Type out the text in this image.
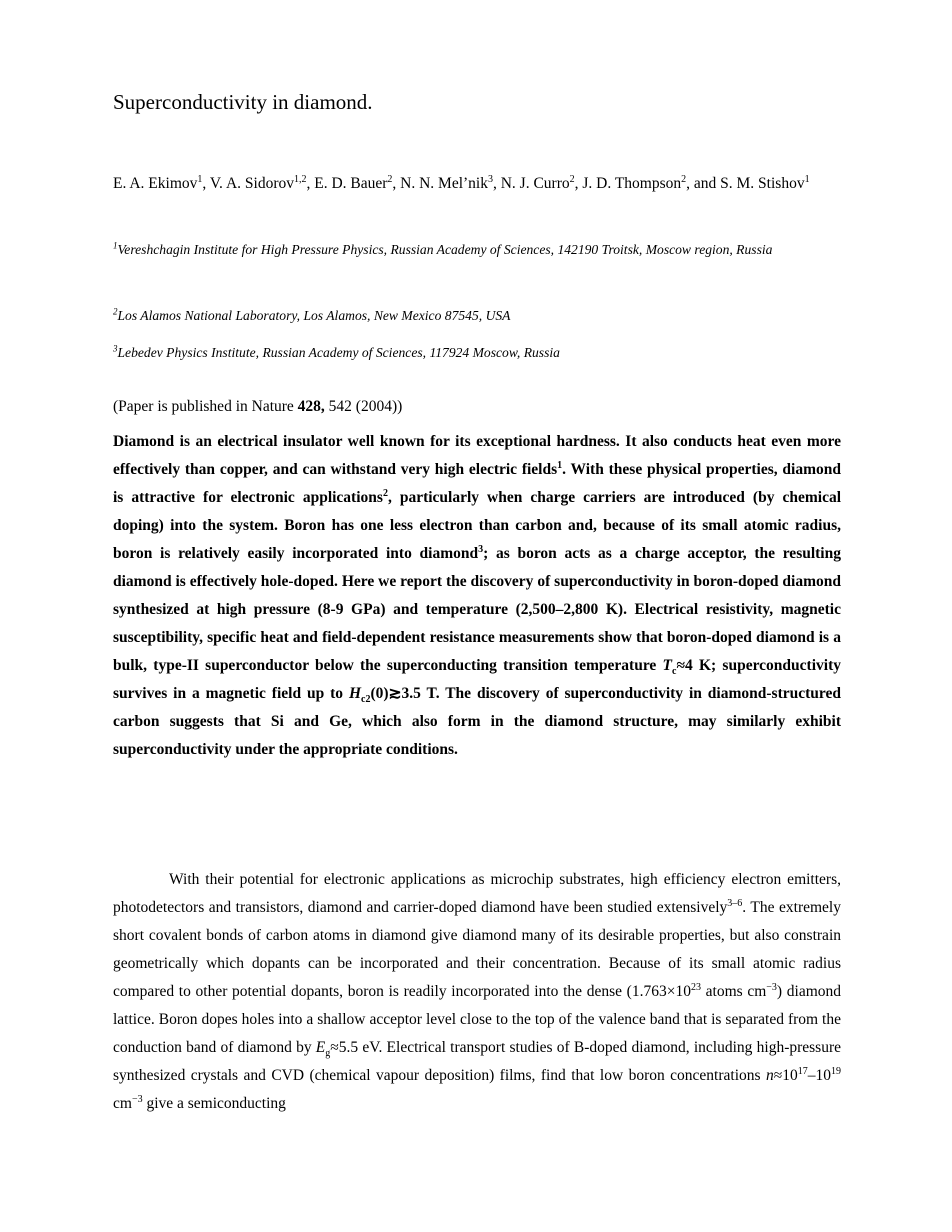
Superconductivity in diamond.
E. A. Ekimov$^1$, V. A. Sidorov$^{1,2}$, E. D. Bauer$^2$, N. N. Mel’nik$^3$, N. J. Curro$^2$, J. D. Thompson$^2$, and S. M. Stishov$^1$
$^1$Vereshchagin Institute for High Pressure Physics, Russian Academy of Sciences, 142190 Troitsk, Moscow region, Russia
$^2$Los Alamos National Laboratory, Los Alamos, New Mexico 87545, USA
$^3$Lebedev Physics Institute, Russian Academy of Sciences, 117924 Moscow, Russia
(Paper is published in Nature 428, 542 (2004))
Diamond is an electrical insulator well known for its exceptional hardness. It also conducts heat even more effectively than copper, and can withstand very high electric fields$^1$. With these physical properties, diamond is attractive for electronic applications$^2$, particularly when charge carriers are introduced (by chemical doping) into the system. Boron has one less electron than carbon and, because of its small atomic radius, boron is relatively easily incorporated into diamond$^3$; as boron acts as a charge acceptor, the resulting diamond is effectively hole-doped. Here we report the discovery of superconductivity in boron-doped diamond synthesized at high pressure (8-9 GPa) and temperature (2,500–2,800 K). Electrical resistivity, magnetic susceptibility, specific heat and field-dependent resistance measurements show that boron-doped diamond is a bulk, type-II superconductor below the superconducting transition temperature $T_c\approx 4$ K; superconductivity survives in a magnetic field up to $H_{c2}(0)≳3.5$ T. The discovery of superconductivity in diamond-structured carbon suggests that Si and Ge, which also form in the diamond structure, may similarly exhibit superconductivity under the appropriate conditions.
With their potential for electronic applications as microchip substrates, high efficiency electron emitters, photodetectors and transistors, diamond and carrier-doped diamond have been studied extensively$^{3-6}$. The extremely short covalent bonds of carbon atoms in diamond give diamond many of its desirable properties, but also constrain geometrically which dopants can be incorporated and their concentration. Because of its small atomic radius compared to other potential dopants, boron is readily incorporated into the dense ($1.763\times 10^{23}$ atoms $cm^{-3}$) diamond lattice. Boron dopes holes into a shallow acceptor level close to the top of the valence band that is separated from the conduction band of diamond by $E_g\approx 5.5$ eV. Electrical transport studies of B-doped diamond, including high-pressure synthesized crystals and CVD (chemical vapour deposition) films, find that low boron concentrations $n\approx 10^{17}-10^{19}$ $cm^{-3}$ give a semiconducting
